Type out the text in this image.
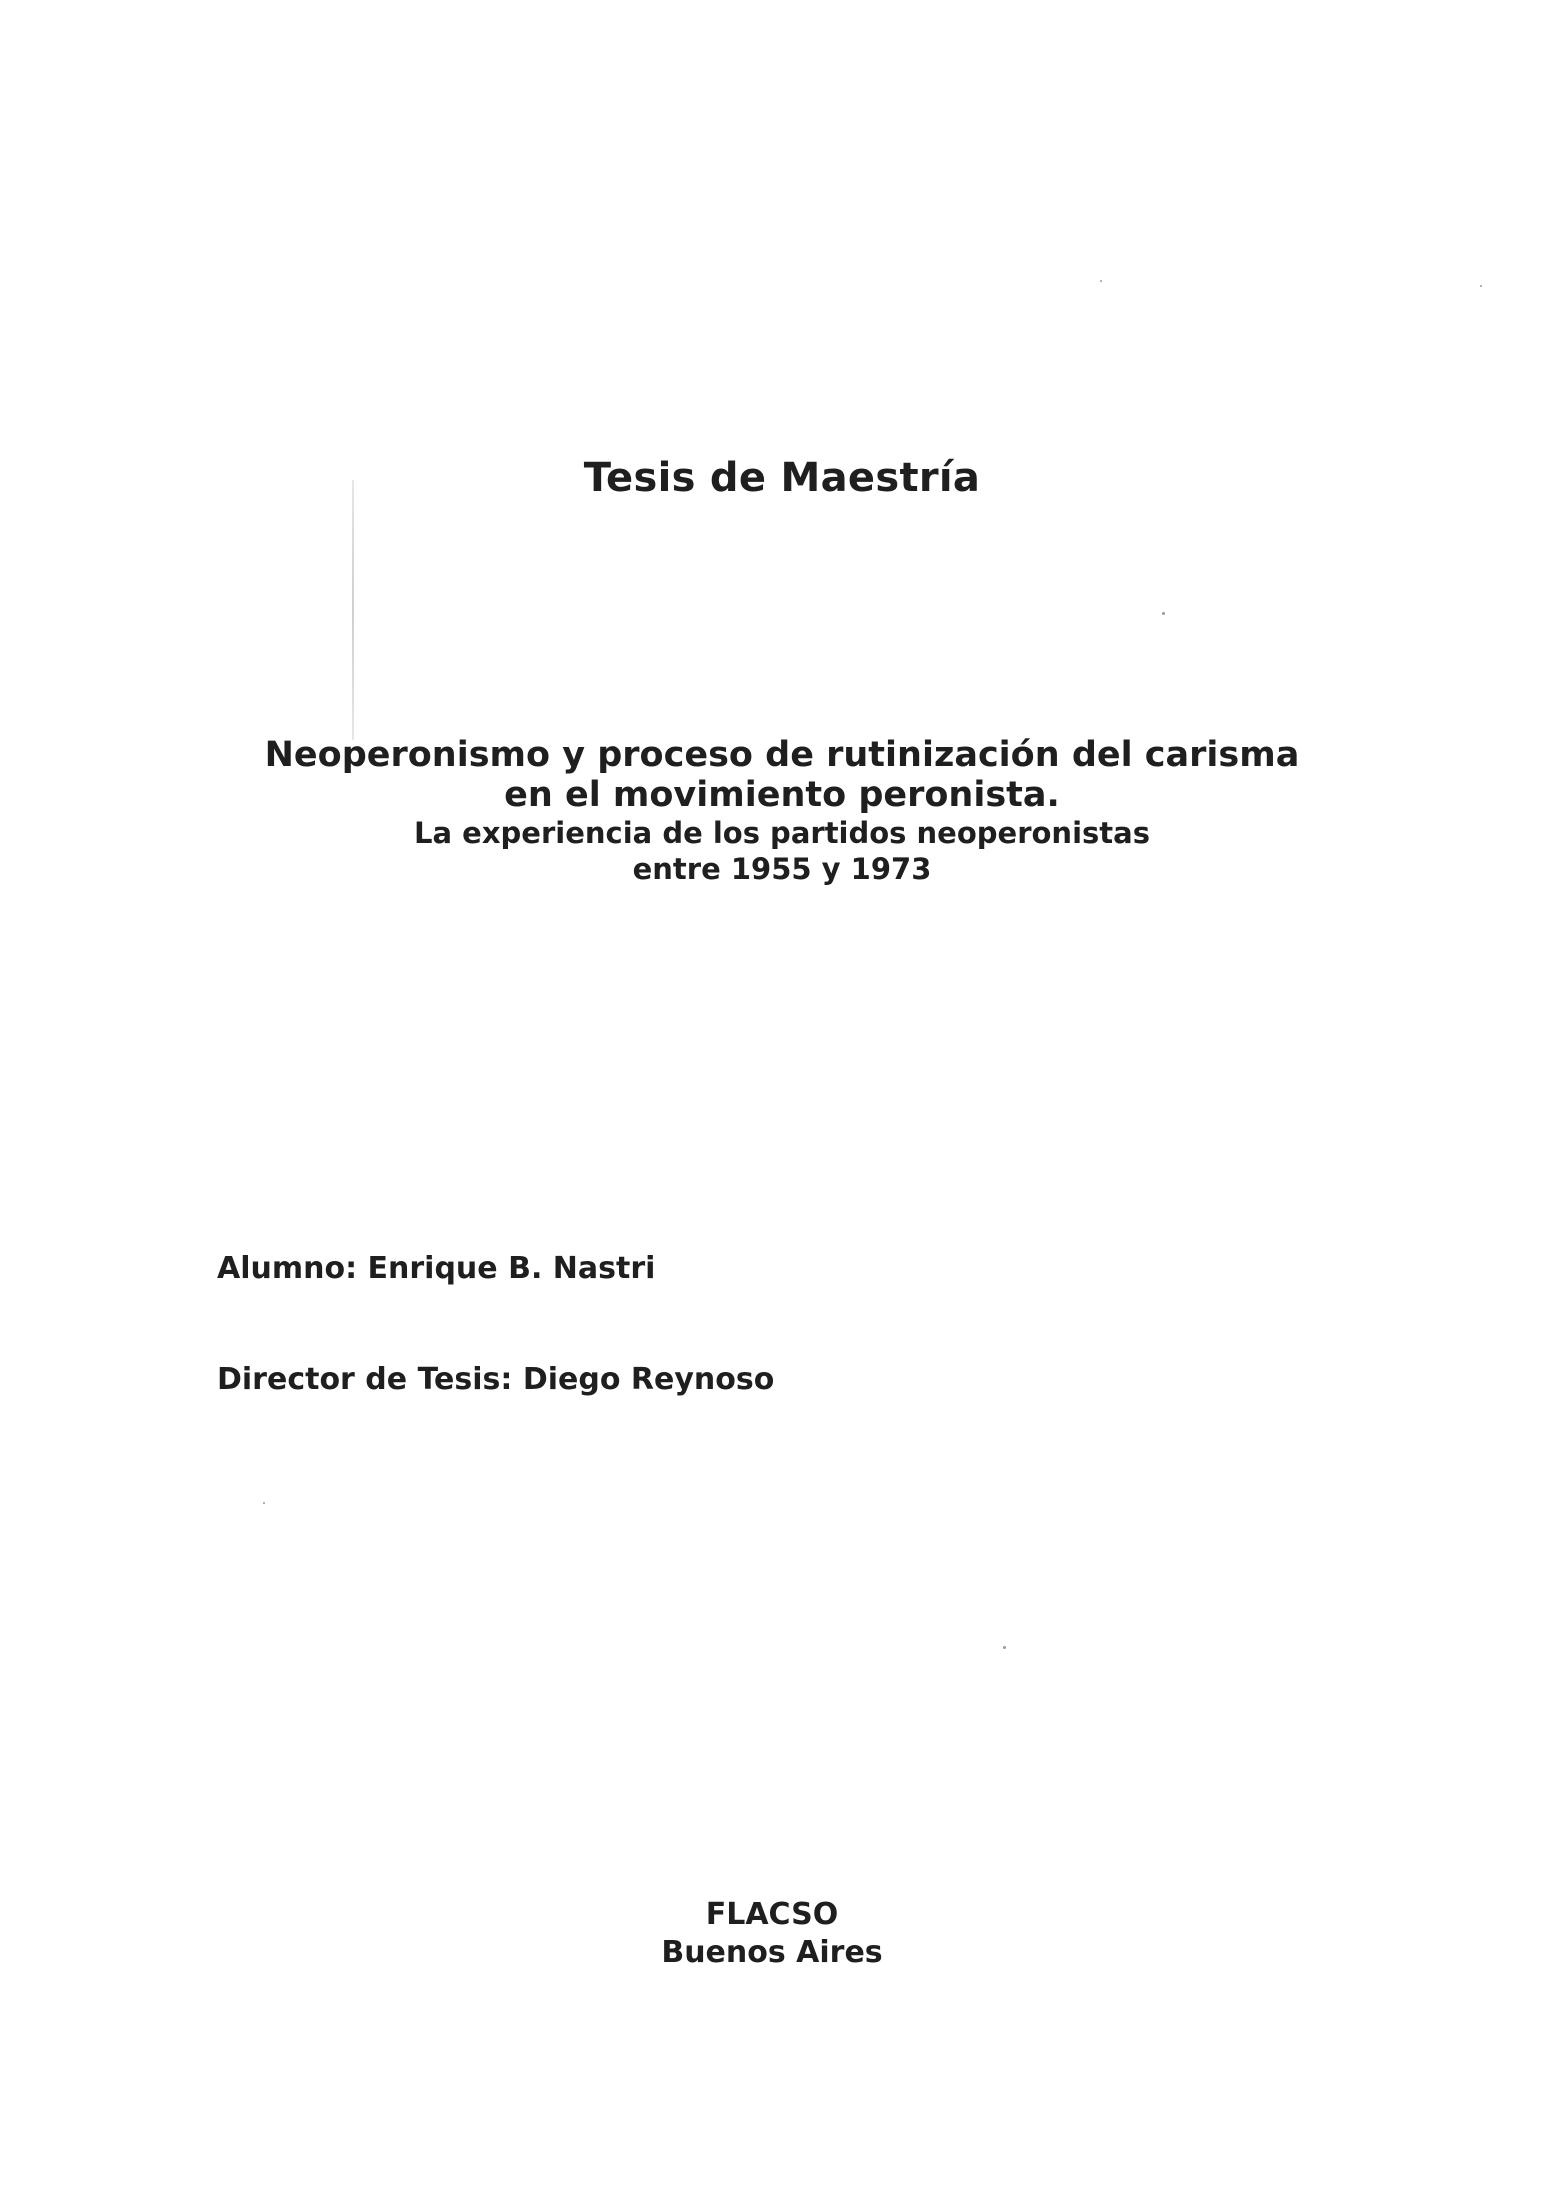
Tesis de Maestría
Neoperonismo y proceso de rutinización del carisma
en el movimiento peronista.
La experiencia de los partidos neoperonistas
entre 1955 y 1973
Alumno: Enrique B. Nastri
Director de Tesis: Diego Reynoso
FLACSO
Buenos Aires
